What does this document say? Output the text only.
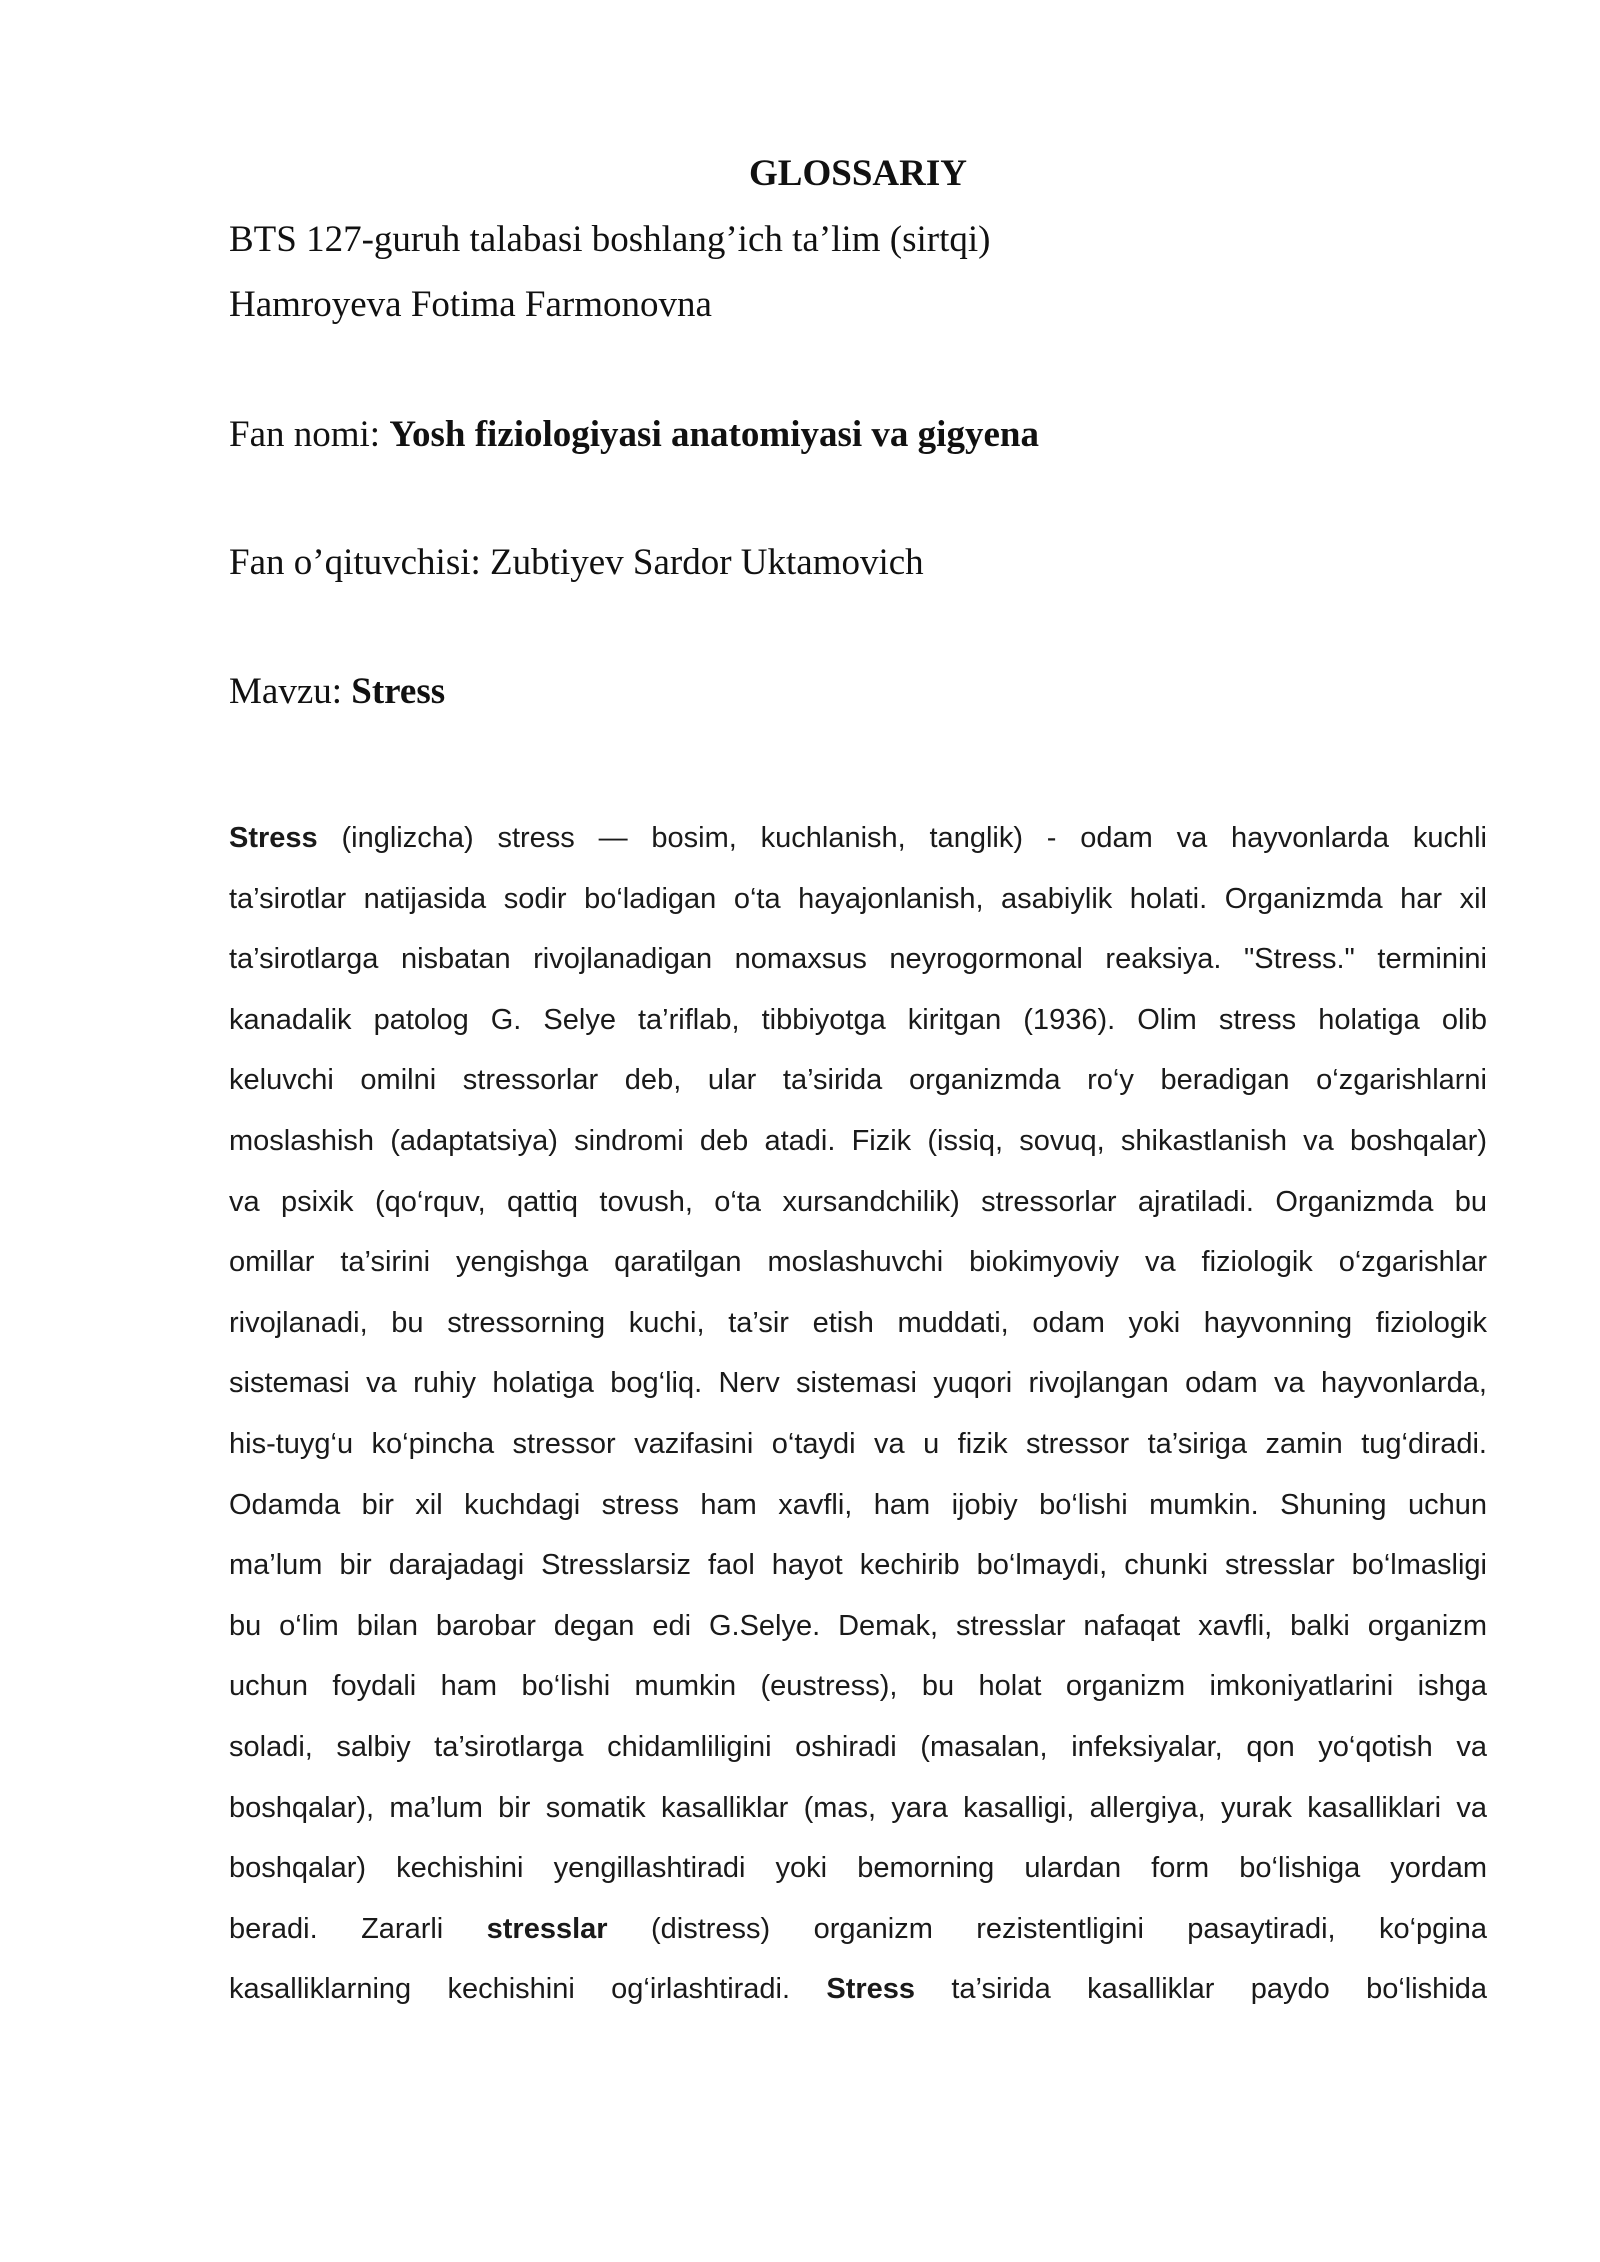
GLOSSARIY
BTS 127-guruh talabasi boshlang’ich ta’lim (sirtqi)
Hamroyeva Fotima Farmonovna
Fan nomi: Yosh fiziologiyasi anatomiyasi va gigyena
Fan o’qituvchisi: Zubtiyev Sardor Uktamovich
Mavzu: Stress
Stress (inglizcha) stress — bosim, kuchlanish, tanglik) - odam va hayvonlarda kuchli
ta’sirotlar natijasida sodir bo‘ladigan o‘ta hayajonlanish, asabiylik holati. Organizmda har xil
ta’sirotlarga nisbatan rivojlanadigan nomaxsus neyrogormonal reaksiya. "Stress." terminini
kanadalik patolog G. Selye ta’riflab, tibbiyotga kiritgan (1936). Olim stress holatiga olib
keluvchi omilni stressorlar deb, ular ta’sirida organizmda ro‘y beradigan o‘zgarishlarni
moslashish (adaptatsiya) sindromi deb atadi. Fizik (issiq, sovuq, shikastlanish va boshqalar)
va psixik (qo‘rquv, qattiq tovush, o‘ta xursandchilik) stressorlar ajratiladi. Organizmda bu
omillar ta’sirini yengishga qaratilgan moslashuvchi biokimyoviy va fiziologik o‘zgarishlar
rivojlanadi, bu stressorning kuchi, ta’sir etish muddati, odam yoki hayvonning fiziologik
sistemasi va ruhiy holatiga bog‘liq. Nerv sistemasi yuqori rivojlangan odam va hayvonlarda,
his-tuyg‘u ko‘pincha stressor vazifasini o‘taydi va u fizik stressor ta’siriga zamin tug‘diradi.
Odamda bir xil kuchdagi stress ham xavfli, ham ijobiy bo‘lishi mumkin. Shuning uchun
ma’lum bir darajadagi Stresslarsiz faol hayot kechirib bo‘lmaydi, chunki stresslar bo‘lmasligi
bu o‘lim bilan barobar degan edi G.Selye. Demak, stresslar nafaqat xavfli, balki organizm
uchun foydali ham bo‘lishi mumkin (eustress), bu holat organizm imkoniyatlarini ishga
soladi, salbiy ta’sirotlarga chidamliligini oshiradi (masalan, infeksiyalar, qon yo‘qotish va
boshqalar), ma’lum bir somatik kasalliklar (mas, yara kasalligi, allergiya, yurak kasalliklari va
boshqalar) kechishini yengillashtiradi yoki bemorning ulardan form bo‘lishiga yordam
beradi. Zararli stresslar (distress) organizm rezistentligini pasaytiradi, ko‘pgina
kasalliklarning kechishini og‘irlashtiradi. Stress ta’sirida kasalliklar paydo bo‘lishida
